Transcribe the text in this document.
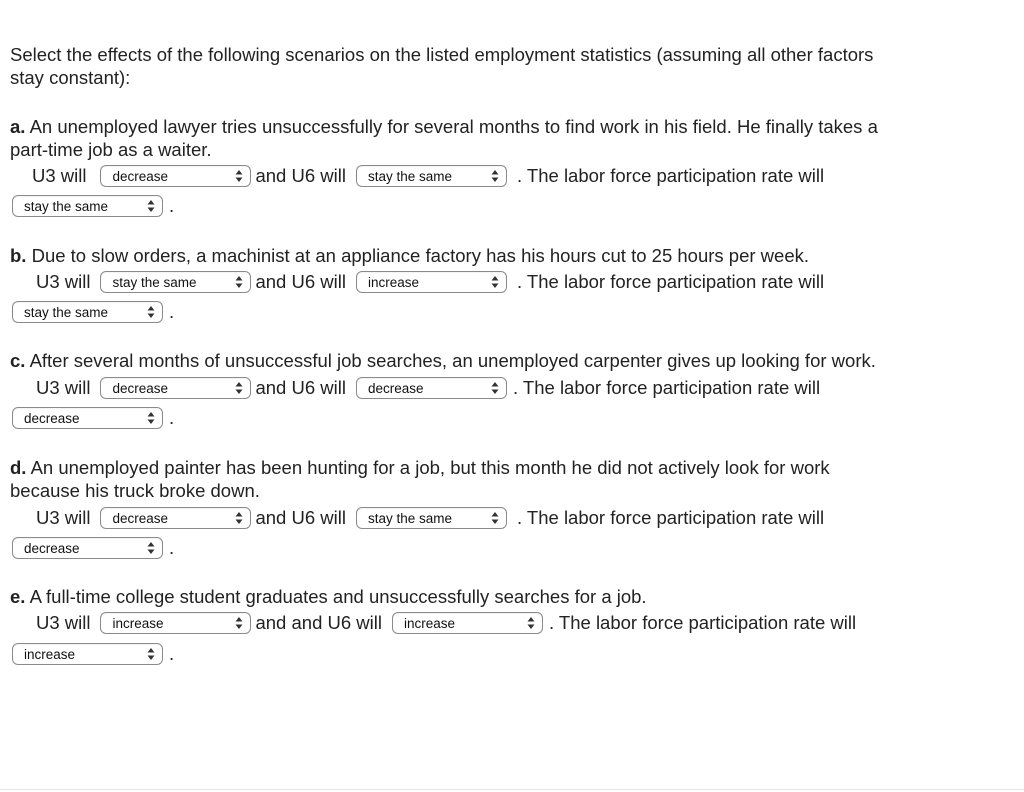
Select the effects of the following scenarios on the listed employment statistics (assuming all other factors
stay constant):
a. An unemployed lawyer tries unsuccessfully for several months to find work in his field. He finally takes a
part-time job as a waiter.
U3 will decrease	and U6 will stay the same	. The labor force participation rate will
stay the same	.
b. Due to slow orders, a machinist at an appliance factory has his hours cut to 25 hours per week.
U3 will stay the same	and U6 will increase	. The labor force participation rate will
stay the same	.
c. After several months of unsuccessful job searches, an unemployed carpenter gives up looking for work.
U3 will decrease	and U6 will decrease	. The labor force participation rate will
decrease	.
d. An unemployed painter has been hunting for a job, but this month he did not actively look for work
because his truck broke down.
U3 will decrease	and U6 will stay the same	. The labor force participation rate will
decrease	.
e. A full-time college student graduates and unsuccessfully searches for a job.
U3 will increase	and and U6 will increase	. The labor force participation rate will
increase	.
